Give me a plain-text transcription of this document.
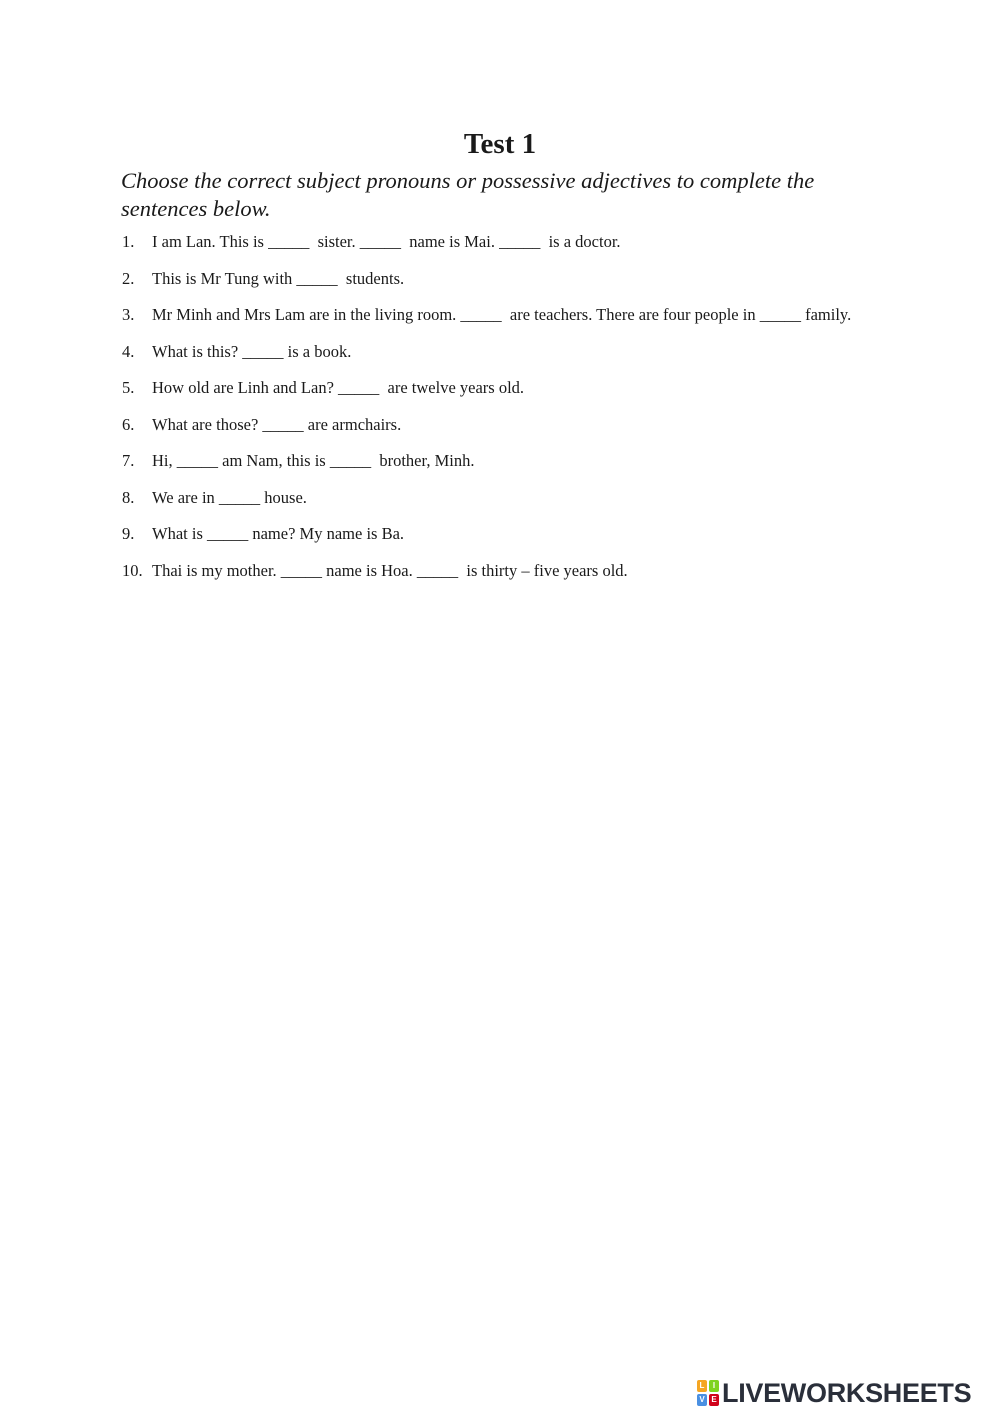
Test 1
Choose the correct subject pronouns or possessive adjectives to complete the sentences below.
1. I am Lan. This is _____  sister. _____  name is Mai. _____  is a doctor.
2. This is Mr Tung with _____  students.
3. Mr Minh and Mrs Lam are in the living room. _____  are teachers. There are four people in _____ family.
4. What is this? _____ is a book.
5. How old are Linh and Lan? _____  are twelve years old.
6. What are those? _____ are armchairs.
7. Hi, _____ am Nam, this is _____  brother, Minh.
8. We are in _____ house.
9. What is _____ name? My name is Ba.
10. Thai is my mother. _____ name is Hoa. _____  is thirty – five years old.
L	I
V E LIVEWORKSHEETS
